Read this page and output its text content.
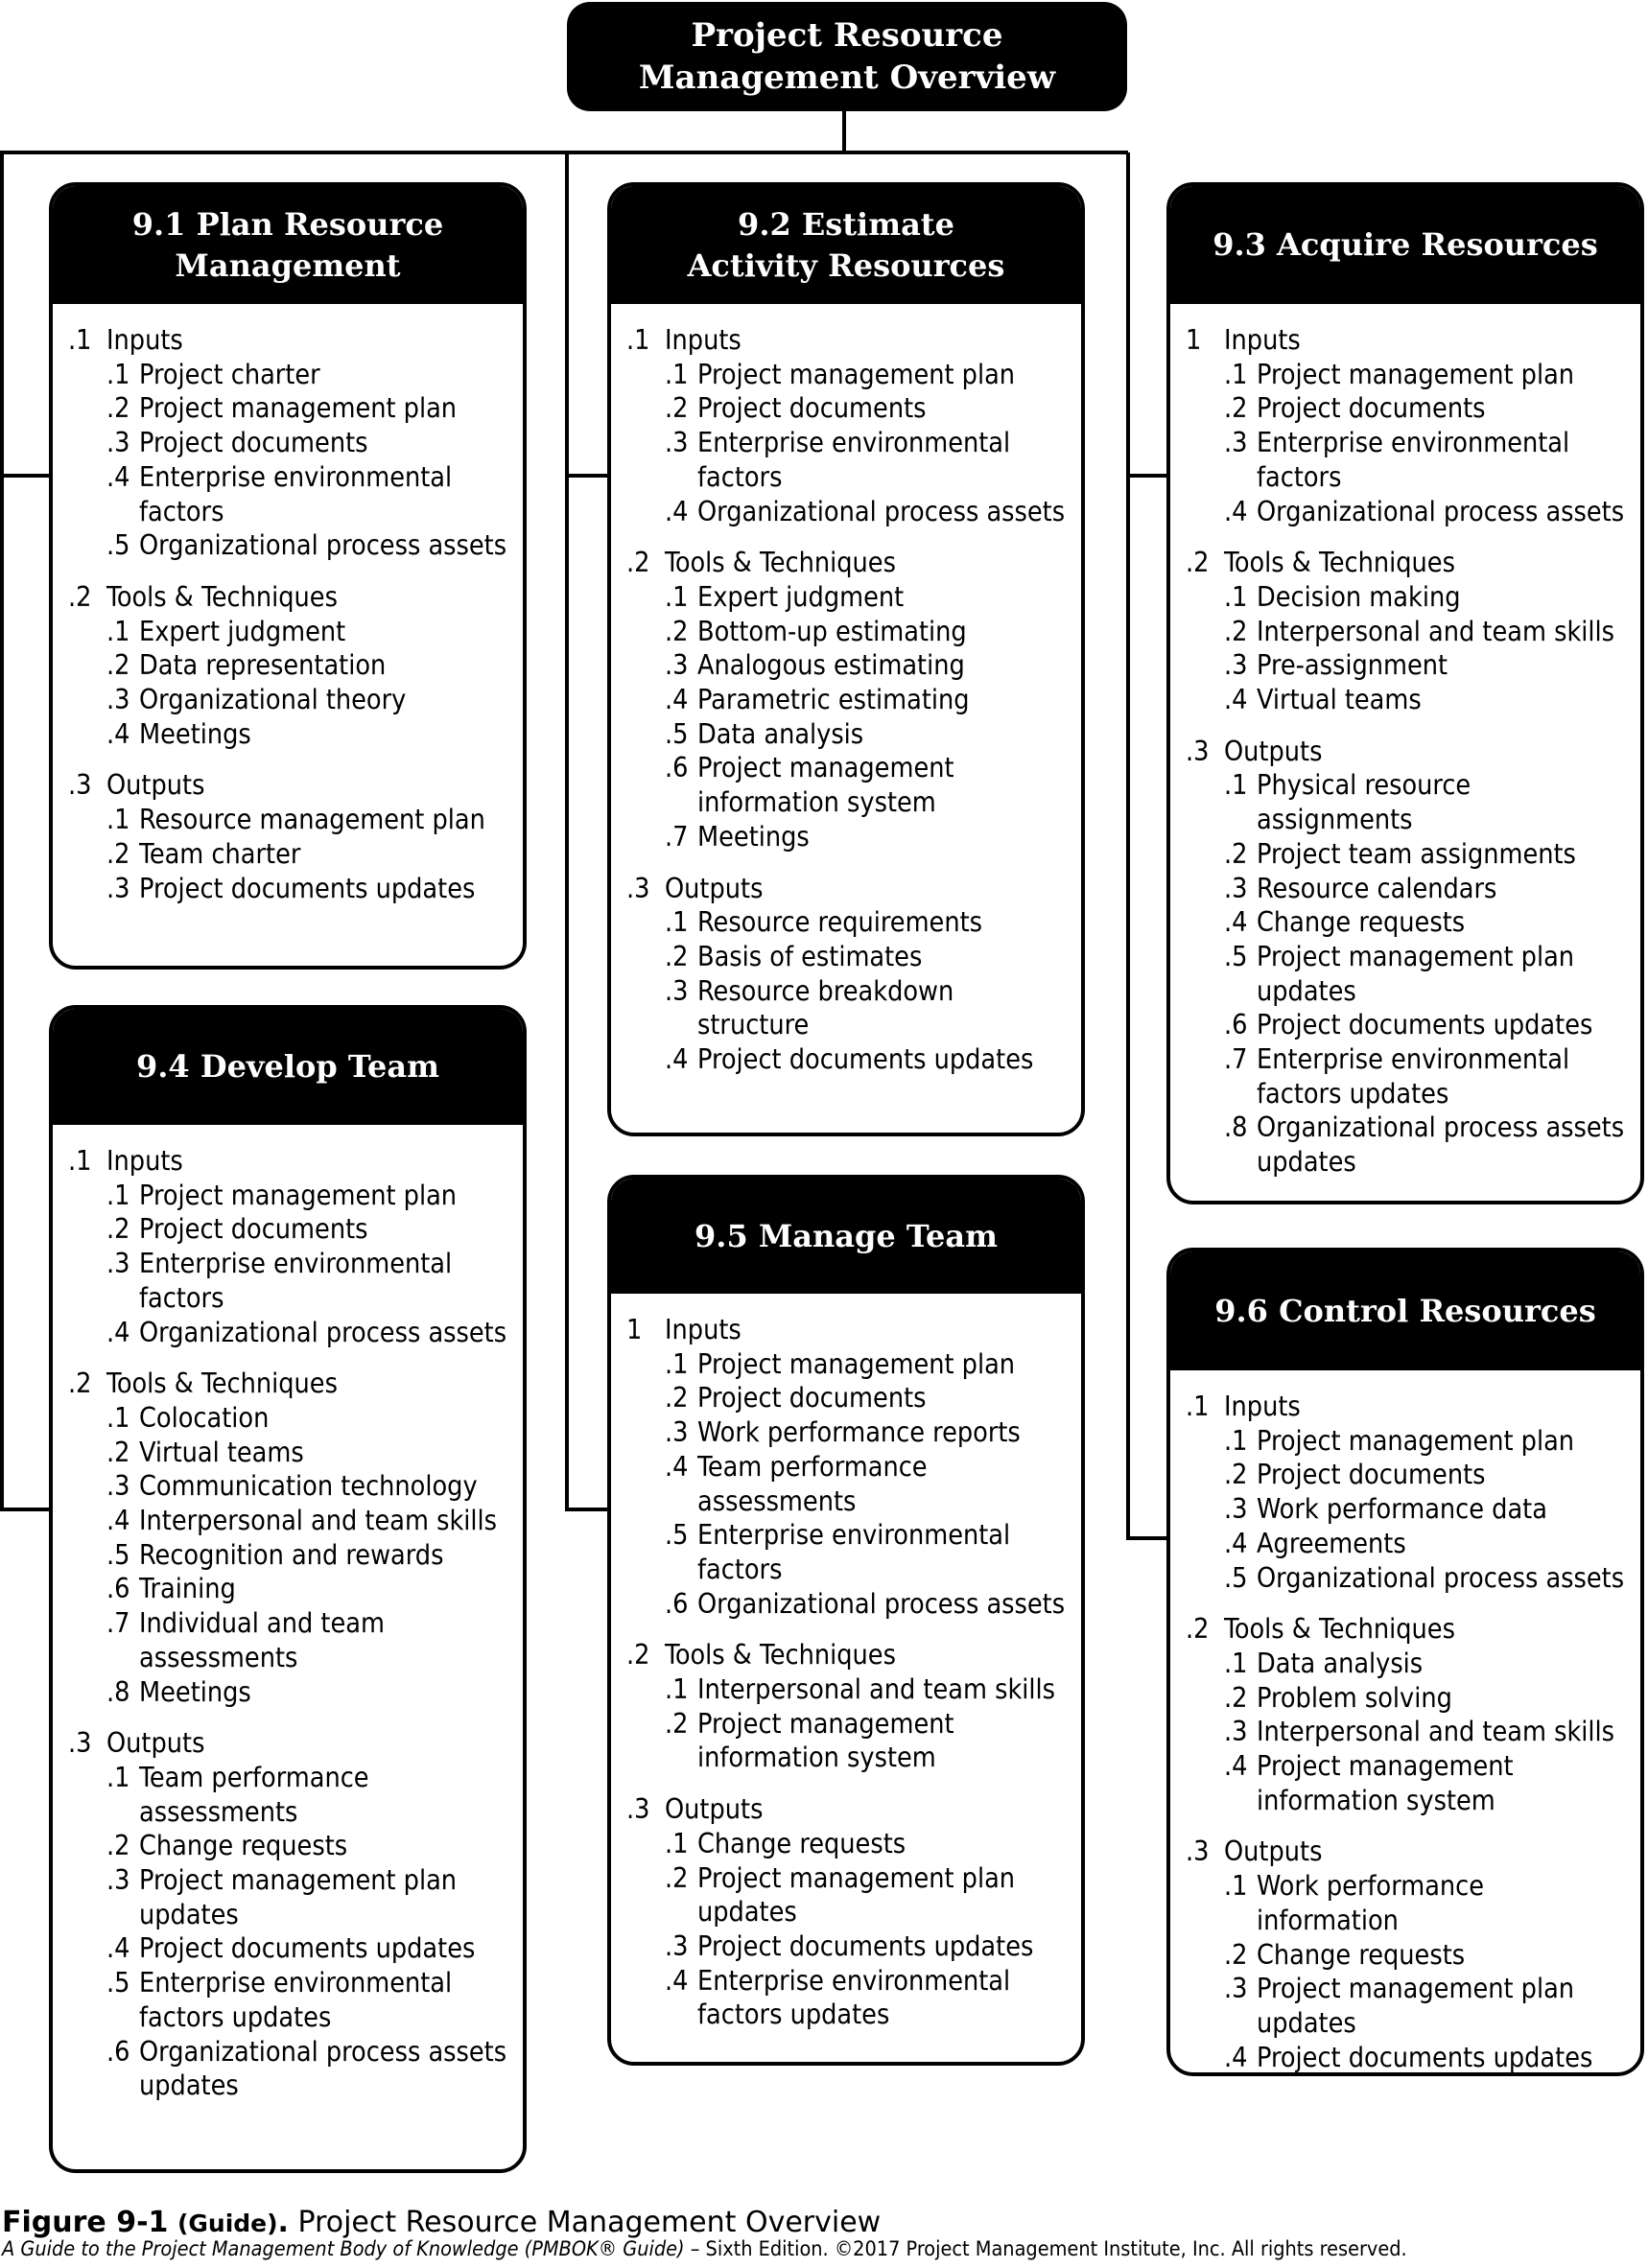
Project Resource
Management Overview
9.1 Plan Resource
Management
.1 Inputs
.1 Project charter
.2 Project management plan
.3 Project documents
.4 Enterprise environmental factors
.5 Organizational process assets
.2 Tools & Techniques
.1 Expert judgment
.2 Data representation
.3 Organizational theory
.4 Meetings
.3 Outputs
.1 Resource management plan
.2 Team charter
.3 Project documents updates
9.2 Estimate
Activity Resources
.1 Inputs
.1 Project management plan
.2 Project documents
.3 Enterprise environmental factors
.4 Organizational process assets
.2 Tools & Techniques
.1 Expert judgment
.2 Bottom-up estimating
.3 Analogous estimating
.4 Parametric estimating
.5 Data analysis
.6 Project management information system
.7 Meetings
.3 Outputs
.1 Resource requirements
.2 Basis of estimates
.3 Resource breakdown structure
.4 Project documents updates
9.3 Acquire Resources
1 Inputs
.1 Project management plan
.2 Project documents
.3 Enterprise environmental factors
.4 Organizational process assets
.2 Tools & Techniques
.1 Decision making
.2 Interpersonal and team skills
.3 Pre-assignment
.4 Virtual teams
.3 Outputs
.1 Physical resource assignments
.2 Project team assignments
.3 Resource calendars
.4 Change requests
.5 Project management plan updates
.6 Project documents updates
.7 Enterprise environmental factors updates
.8 Organizational process assets updates
9.4 Develop Team
.1 Inputs
.1 Project management plan
.2 Project documents
.3 Enterprise environmental factors
.4 Organizational process assets
.2 Tools & Techniques
.1 Colocation
.2 Virtual teams
.3 Communication technology
.4 Interpersonal and team skills
.5 Recognition and rewards
.6 Training
.7 Individual and team assessments
.8 Meetings
.3 Outputs
.1 Team performance assessments
.2 Change requests
.3 Project management plan updates
.4 Project documents updates
.5 Enterprise environmental factors updates
.6 Organizational process assets updates
9.5 Manage Team
1 Inputs
.1 Project management plan
.2 Project documents
.3 Work performance reports
.4 Team performance assessments
.5 Enterprise environmental factors
.6 Organizational process assets
.2 Tools & Techniques
.1 Interpersonal and team skills
.2 Project management information system
.3 Outputs
.1 Change requests
.2 Project management plan updates
.3 Project documents updates
.4 Enterprise environmental factors updates
9.6 Control Resources
.1 Inputs
.1 Project management plan
.2 Project documents
.3 Work performance data
.4 Agreements
.5 Organizational process assets
.2 Tools & Techniques
.1 Data analysis
.2 Problem solving
.3 Interpersonal and team skills
.4 Project management information system
.3 Outputs
.1 Work performance information
.2 Change requests
.3 Project management plan updates
.4 Project documents updates
Figure 9-1 (Guide). Project Resource Management Overview
A Guide to the Project Management Body of Knowledge (PMBOK® Guide) – Sixth Edition. ©2017 Project Management Institute, Inc. All rights reserved.
